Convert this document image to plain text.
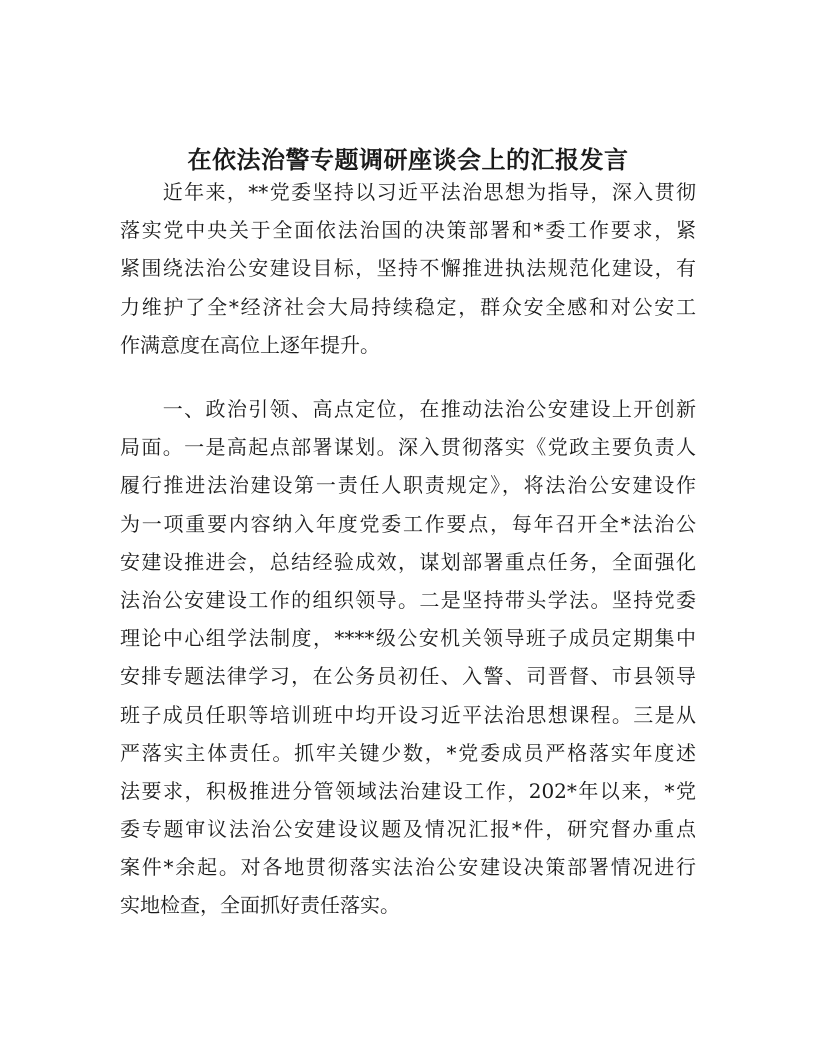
在依法治警专题调研座谈会上的汇报发言
　　近年来，**党委坚持以习近平法治思想为指导，深入贯彻
落实党中央关于全面依法治国的决策部署和*委工作要求，紧
紧围绕法治公安建设目标，坚持不懈推进执法规范化建设，有
力维护了全*经济社会大局持续稳定，群众安全感和对公安工
作满意度在高位上逐年提升。
　　一、政治引领、高点定位，在推动法治公安建设上开创新
局面。一是高起点部署谋划。深入贯彻落实《党政主要负责人
履行推进法治建设第一责任人职责规定》，将法治公安建设作
为一项重要内容纳入年度党委工作要点，每年召开全*法治公
安建设推进会，总结经验成效，谋划部署重点任务，全面强化
法治公安建设工作的组织领导。二是坚持带头学法。坚持党委
理论中心组学法制度，****级公安机关领导班子成员定期集中
安排专题法律学习，在公务员初任、入警、司晋督、市县领导
班子成员任职等培训班中均开设习近平法治思想课程。三是从
严落实主体责任。抓牢关键少数，*党委成员严格落实年度述
法要求，积极推进分管领域法治建设工作，202*年以来，*党
委专题审议法治公安建设议题及情况汇报*件，研究督办重点
案件*余起。对各地贯彻落实法治公安建设决策部署情况进行
实地检查，全面抓好责任落实。
